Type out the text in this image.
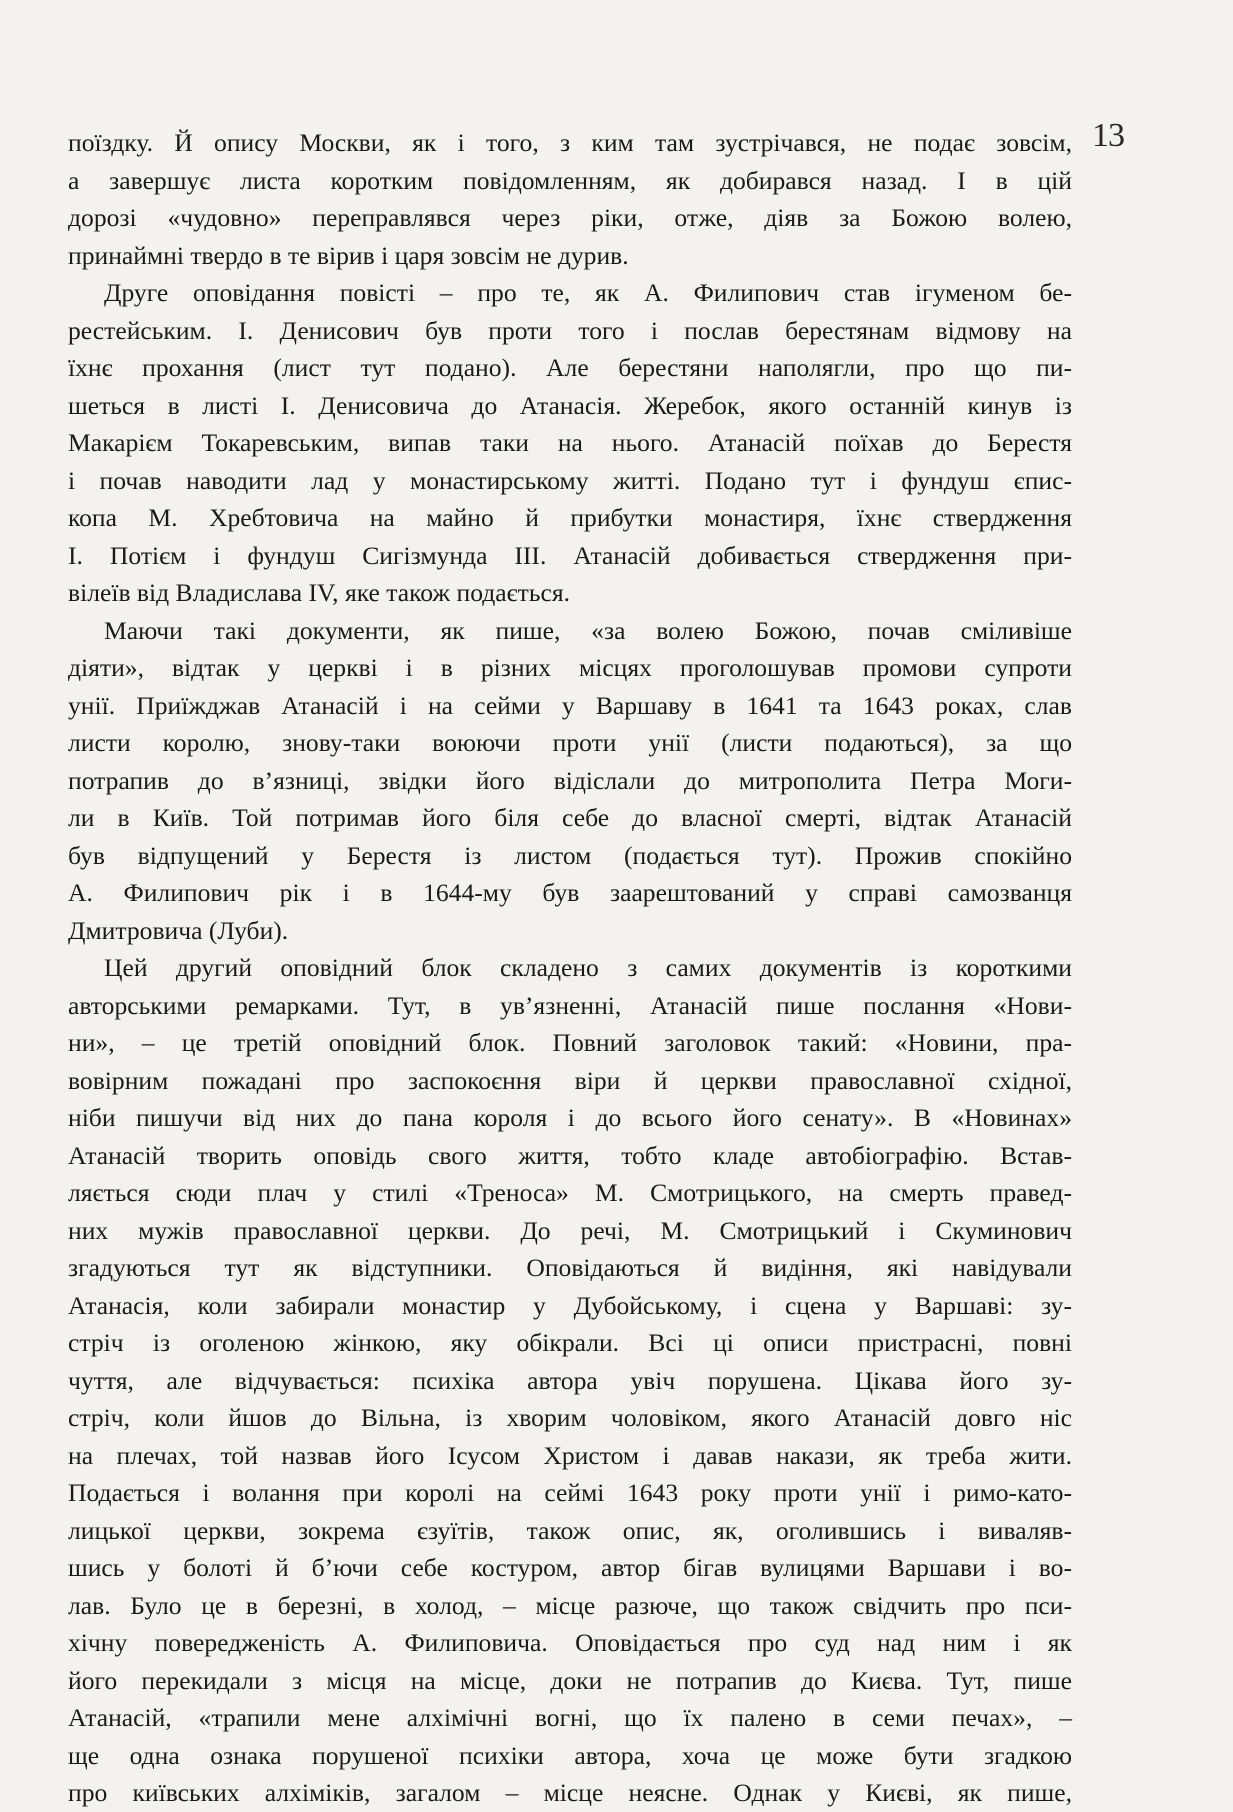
13
поїздку. Й опису Москви, як і того, з ким там зустрічався, не подає зовсім,
а завершує листа коротким повідомленням, як добирався назад. І в цій
дорозі «чудовно» переправлявся через ріки, отже, діяв за Божою волею,
принаймні твердо в те вірив і царя зовсім не дурив.
Друге оповідання повісті – про те, як А. Филипович став ігуменом бе-
рестейським. І. Денисович був проти того і послав берестянам відмову на
їхнє прохання (лист тут подано). Але берестяни наполягли, про що пи-
шеться в листі І. Денисовича до Атанасія. Жеребок, якого останній кинув із
Макарієм Токаревським, випав таки на нього. Атанасій поїхав до Берестя
і почав наводити лад у монастирському житті. Подано тут і фундуш єпис-
копа М. Хребтовича на майно й прибутки монастиря, їхнє ствердження
І. Потієм і фундуш Сигізмунда ІІІ. Атанасій добивається ствердження при-
вілеїв від Владислава IV, яке також подається.
Маючи такі документи, як пише, «за волею Божою, почав сміливіше
діяти», відтак у церкві і в різних місцях проголошував промови супроти
унії. Приїжджав Атанасій і на сейми у Варшаву в 1641 та 1643 роках, слав
листи королю, знову-таки воюючи проти унії (листи подаються), за що
потрапив до в’язниці, звідки його відіслали до митрополита Петра Моги-
ли в Київ. Той потримав його біля себе до власної смерті, відтак Атанасій
був відпущений у Берестя із листом (подається тут). Прожив спокійно
А. Филипович рік і в 1644-му був заарештований у справі самозванця
Дмитровича (Луби).
Цей другий оповідний блок складено з самих документів із короткими
авторськими ремарками. Тут, в ув’язненні, Атанасій пише послання «Нови-
ни», – це третій оповідний блок. Повний заголовок такий: «Новини, пра-
вовірним пожадані про заспокоєння віри й церкви православної східної,
ніби пишучи від них до пана короля і до всього його сенату». В «Новинах»
Атанасій творить оповідь свого життя, тобто кладе автобіографію. Встав-
ляється сюди плач у стилі «Треноса» М. Смотрицького, на смерть правед-
них мужів православної церкви. До речі, М. Смотрицький і Скуминович
згадуються тут як відступники. Оповідаються й видіння, які навідували
Атанасія, коли забирали монастир у Дубойському, і сцена у Варшаві: зу-
стріч із оголеною жінкою, яку обікрали. Всі ці описи пристрасні, повні
чуття, але відчувається: психіка автора увіч порушена. Цікава його зу-
стріч, коли йшов до Вільна, із хворим чоловіком, якого Атанасій довго ніс
на плечах, той назвав його Ісусом Христом і давав накази, як треба жити.
Подається і волання при королі на сеймі 1643 року проти унії і римо-като-
лицької церкви, зокрема єзуїтів, також опис, як, оголившись і виваляв-
шись у болоті й б’ючи себе костуром, автор бігав вулицями Варшави і во-
лав. Було це в березні, в холод, – місце разюче, що також свідчить про пси-
хічну повередженість А. Филиповича. Оповідається про суд над ним і як
його перекидали з місця на місце, доки не потрапив до Києва. Тут, пише
Атанасій, «трапили мене алхімічні вогні, що їх палено в семи печах», –
ще одна ознака порушеної психіки автора, хоча це може бути згадкою
про київських алхіміків, загалом – місце неясне. Однак у Києві, як пише,
